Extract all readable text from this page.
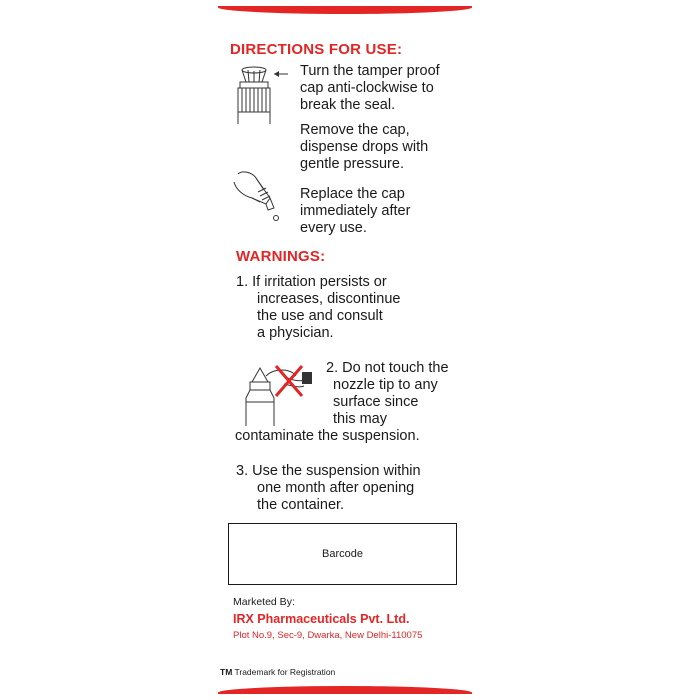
DIRECTIONS FOR USE:
Turn the tamper proof
cap anti-clockwise to
break the seal.
Remove the cap,
dispense drops with
gentle pressure.
Replace the cap
immediately after
every use.
WARNINGS:
1. If irritation persists or
increases, discontinue
the use and consult
a physician.
2. Do not touch the
nozzle tip to any
surface since
this may

contaminate the suspension.

3. Use the suspension within
one month after opening
the container.
Barcode

Marketed By:

IRX Pharmaceuticals Pvt. Ltd.

Plot No.9, Sec-9, Dwarka, New Delhi-110075

TM Trademark for Registration
